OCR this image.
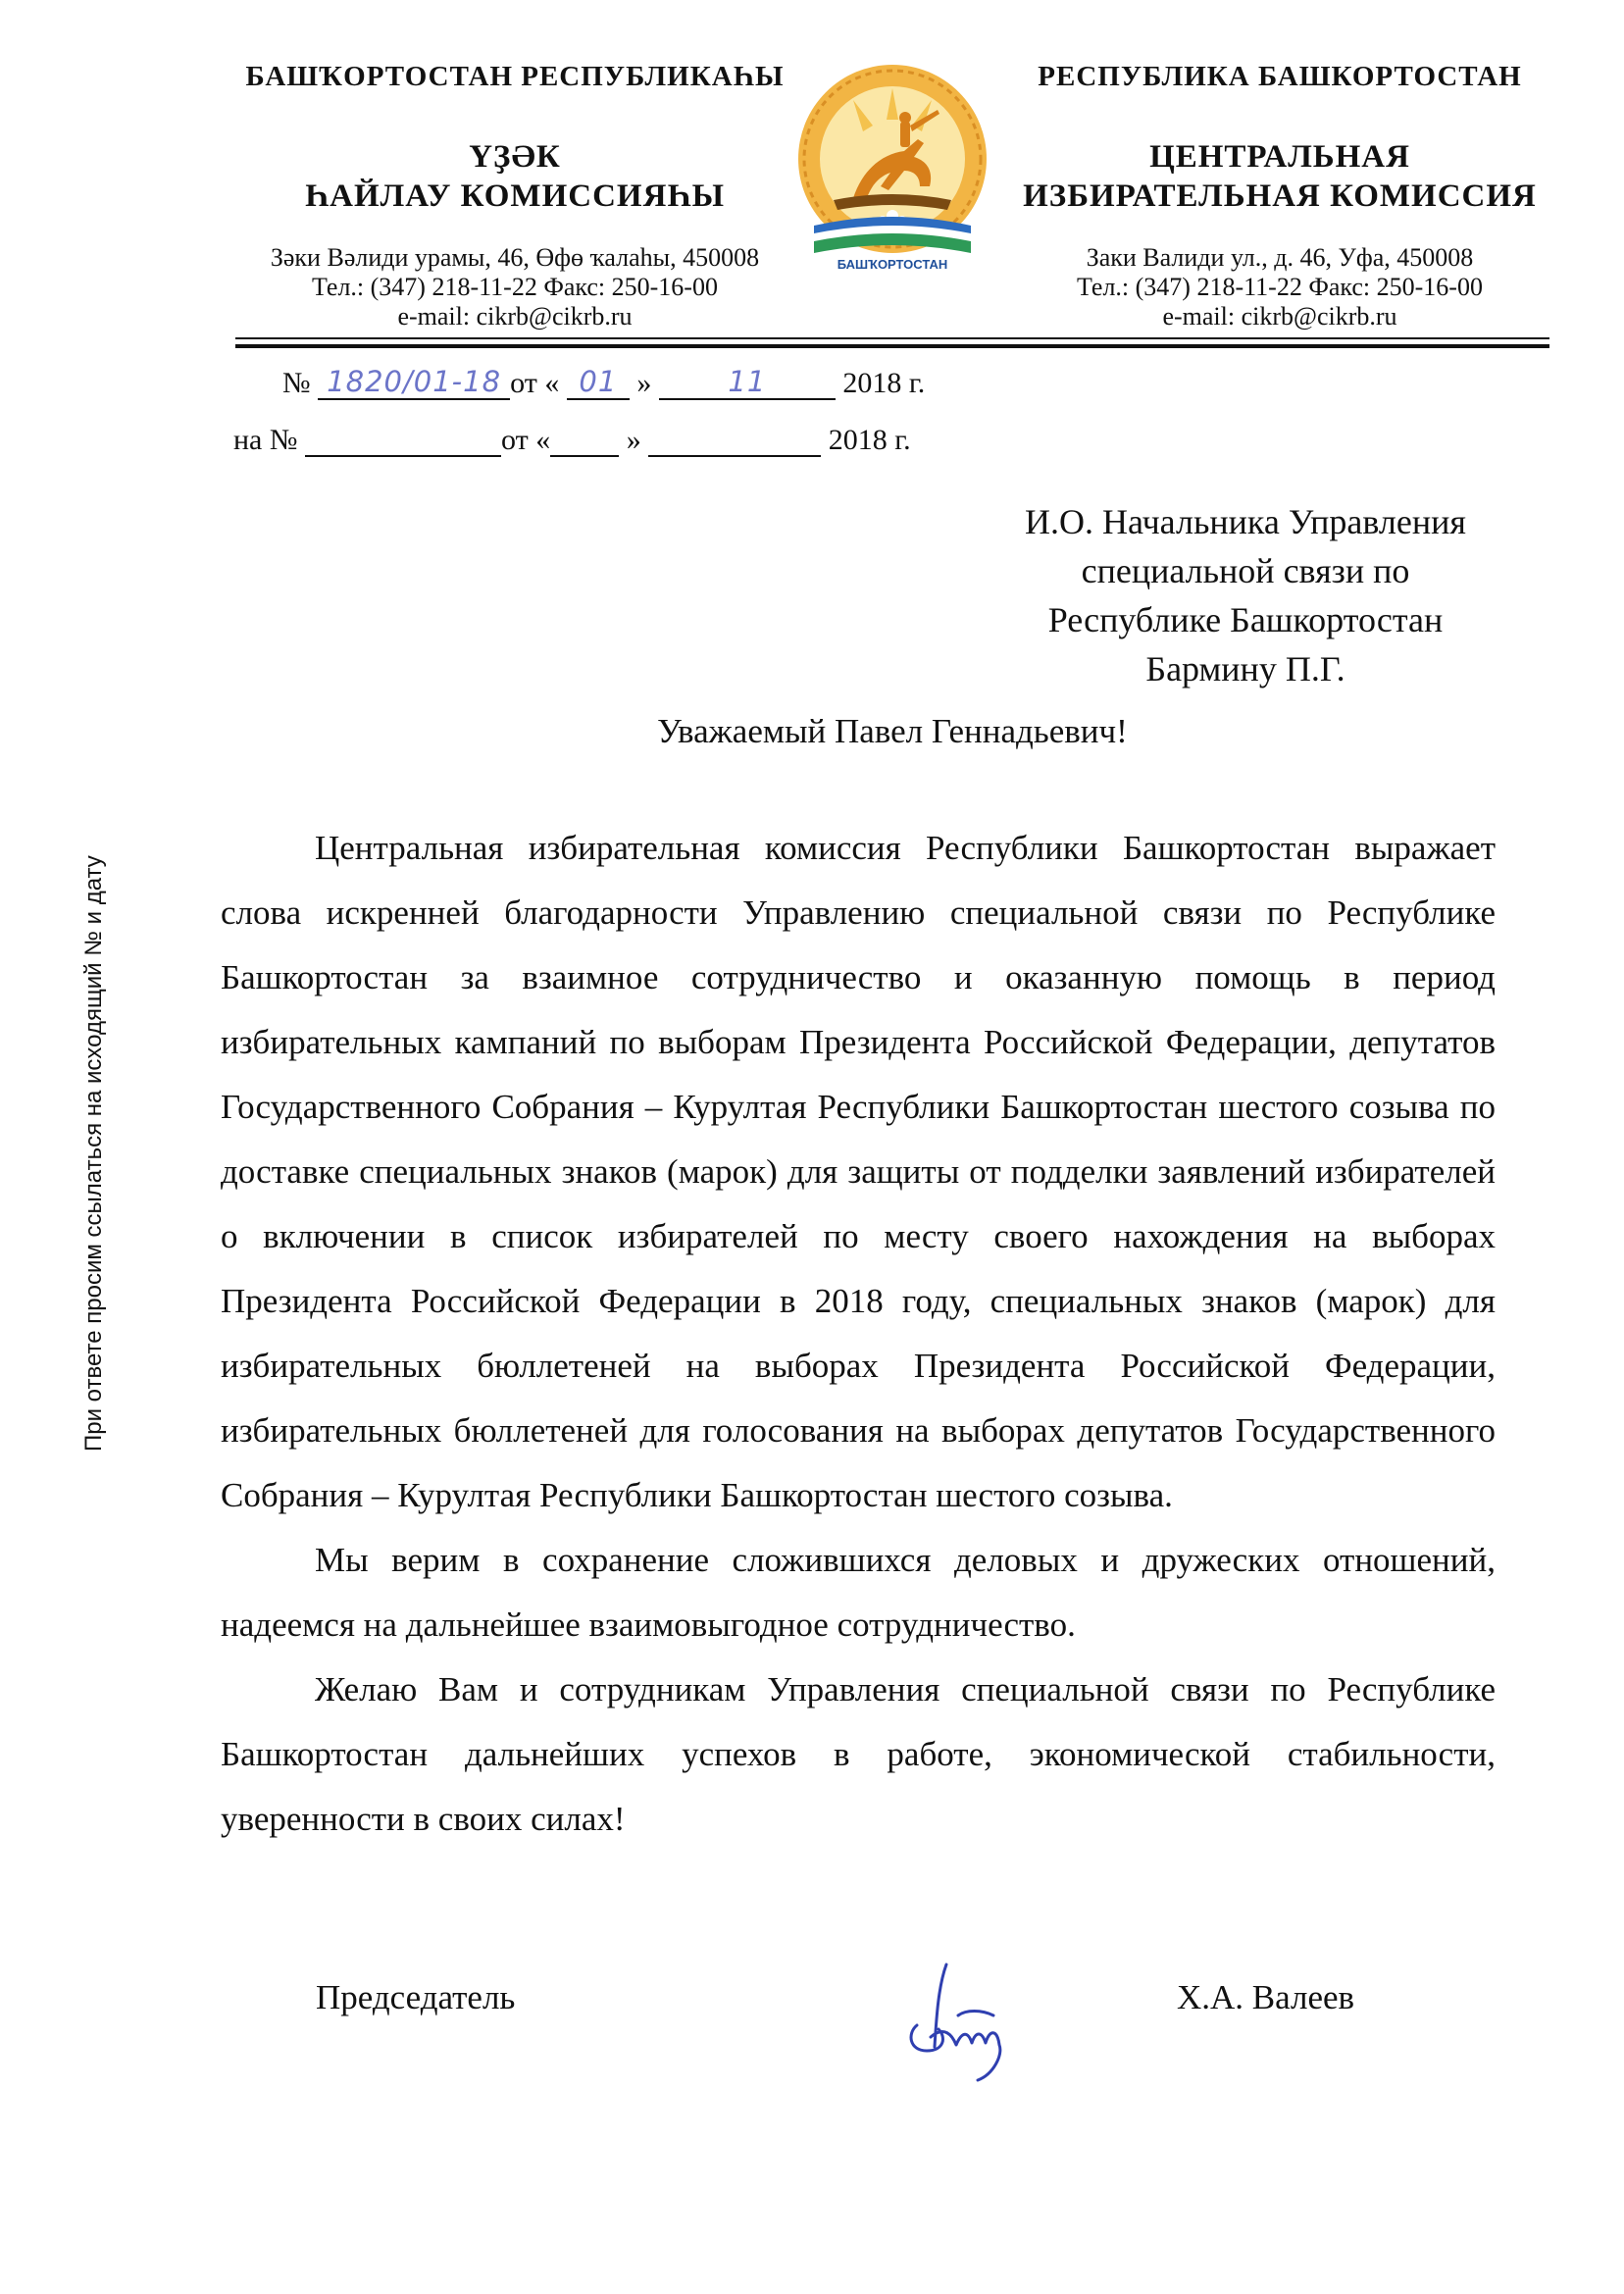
БАШҠОРТОСТАН РЕСПУБЛИКАҺЫ
ҮҘӘК
ҺАЙЛАУ КОМИССИЯҺЫ
Зәки Вәлиди урамы, 46, Өфө ҡалаһы, 450008
Тел.: (347) 218-11-22 Факс: 250-16-00
e-mail: cikrb@cikrb.ru
БАШҠОРТОСТАН
РЕСПУБЛИКА БАШКОРТОСТАН
ЦЕНТРАЛЬНАЯ
ИЗБИРАТЕЛЬНАЯ КОМИССИЯ
Заки Валиди ул., д. 46, Уфа, 450008
Тел.: (347) 218-11-22 Факс: 250-16-00
e-mail: cikrb@cikrb.ru
№ 1820/01-18 от « 01 »	11	2018 г.
на №	от «	»	2018 г.
И.О. Начальника Управления
специальной связи по
Республике Башкортостан
Бармину П.Г.
Уважаемый Павел Геннадьевич!

Центральная избирательная комиссия Республики Башкортостан выражает слова искренней благодарности Управлению специальной связи по Республике Башкортостан за взаимное сотрудничество и оказанную помощь в период избирательных кампаний по выборам Президента Российской Федерации, депутатов Государственного Собрания – Курултая Республики Башкортостан шестого созыва по доставке специальных знаков (марок) для защиты от подделки заявлений избирателей о включении в список избирателей по месту своего нахождения на выборах Президента Российской Федерации в 2018 году, специальных знаков (марок) для избирательных бюллетеней на выборах Президента Российской Федерации, избирательных бюллетеней для голосования на выборах депутатов Государственного Собрания – Курултая Республики Башкортостан шестого созыва.

Мы верим в сохранение сложившихся деловых и дружеских отношений, надеемся на дальнейшее взаимовыгодное сотрудничество.

Желаю Вам и сотрудникам Управления специальной связи по Республике Башкортостан дальнейших успехов в работе, экономической стабильности, уверенности в своих силах!

Председатель	Х.А. Валеев
При ответе просим ссылаться на исходящий № и дату
